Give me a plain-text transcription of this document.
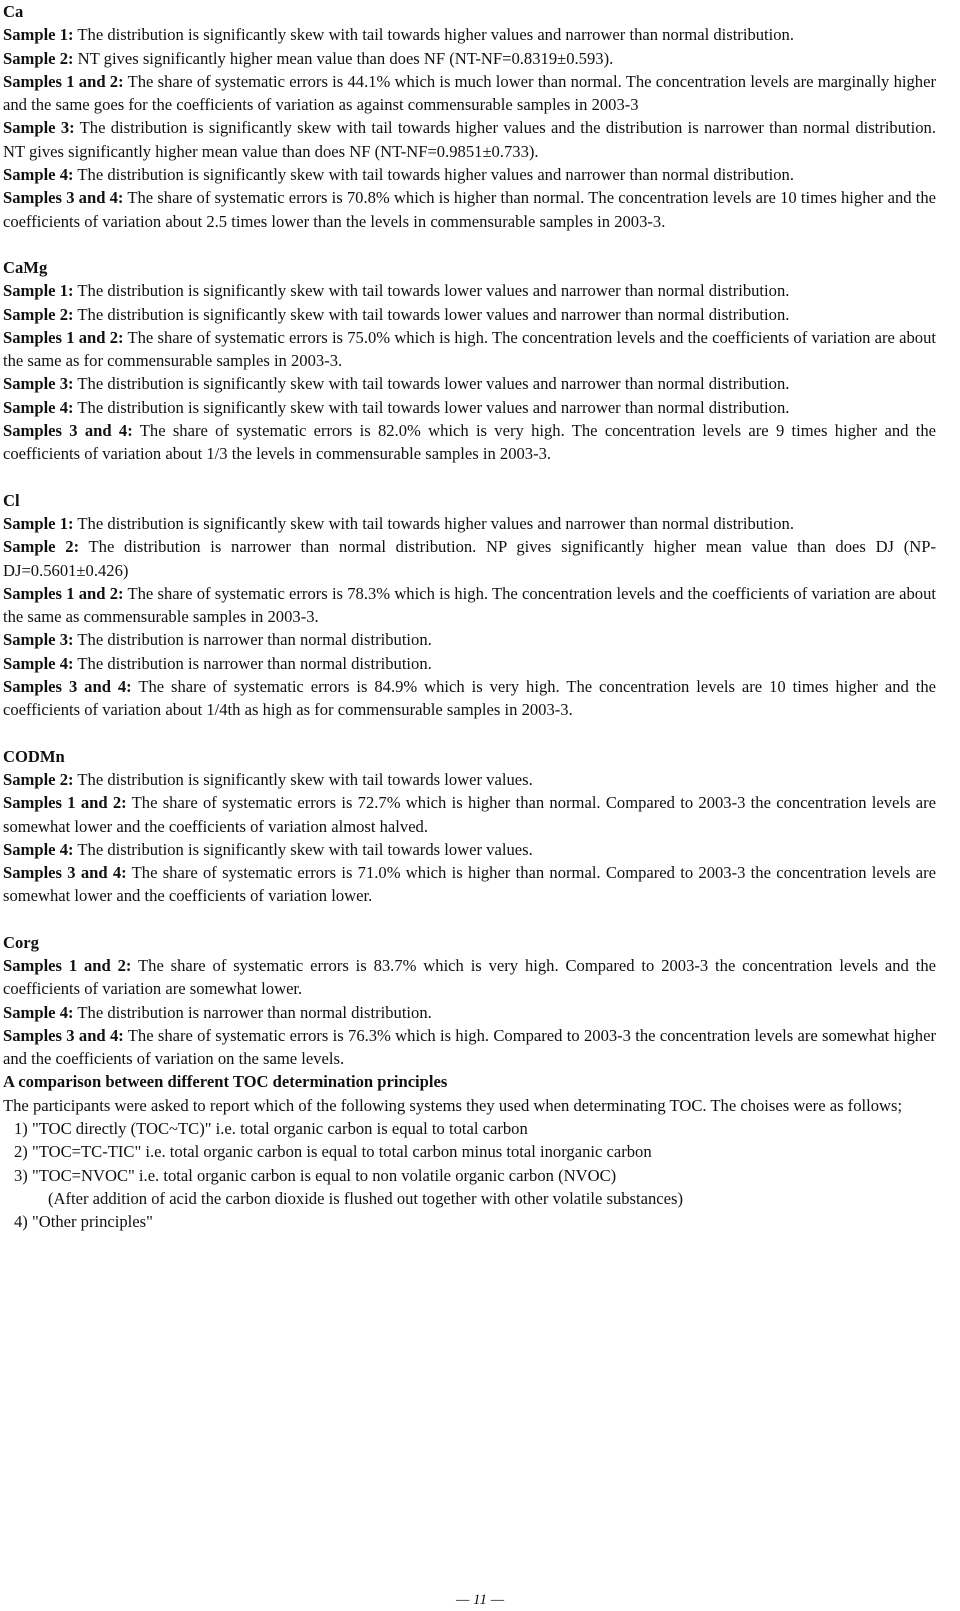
Ca

Sample 1: The distribution is significantly skew with tail towards higher values and narrower than normal distribution.

Sample 2: NT gives significantly higher mean value than does NF (NT-NF=0.8319±0.593).

Samples 1 and 2: The share of systematic errors is 44.1% which is much lower than normal. The concentration levels are marginally higher and the same goes for the coefficients of variation as against commensurable samples in 2003-3

Sample 3: The distribution is significantly skew with tail towards higher values and the distribution is narrower than normal distribution. NT gives significantly higher mean value than does NF (NT-NF=0.9851±0.733).

Sample 4: The distribution is significantly skew with tail towards higher values and narrower than normal distribution.

Samples 3 and 4: The share of systematic errors is 70.8% which is higher than normal. The concentration levels are 10 times higher and the coefficients of variation about 2.5 times lower than the levels in commensurable samples in 2003-3.

CaMg

Sample 1: The distribution is significantly skew with tail towards lower values and narrower than normal distribution.

Sample 2: The distribution is significantly skew with tail towards lower values and narrower than normal distribution.

Samples 1 and 2: The share of systematic errors is 75.0% which is high. The concentration levels and the coefficients of variation are about the same as for commensurable samples in 2003-3.

Sample 3: The distribution is significantly skew with tail towards lower values and narrower than normal distribution.

Sample 4: The distribution is significantly skew with tail towards lower values and narrower than normal distribution.

Samples 3 and 4: The share of systematic errors is 82.0% which is very high. The concentration levels are 9 times higher and the coefficients of variation about 1/3 the levels in commensurable samples in 2003-3.

Cl

Sample 1: The distribution is significantly skew with tail towards higher values and narrower than normal distribution.

Sample 2: The distribution is narrower than normal distribution. NP gives significantly higher mean value than does DJ (NP-DJ=0.5601±0.426)

Samples 1 and 2: The share of systematic errors is 78.3% which is high. The concentration levels and the coefficients of variation are about the same as commensurable samples in 2003-3.

Sample 3: The distribution is narrower than normal distribution.

Sample 4: The distribution is narrower than normal distribution.

Samples 3 and 4: The share of systematic errors is 84.9% which is very high. The concentration levels are 10 times higher and the coefficients of variation about 1/4th as high as for commensurable samples in 2003-3.

CODMn

Sample 2: The distribution is significantly skew with tail towards lower values.

Samples 1 and 2: The share of systematic errors is 72.7% which is higher than normal. Compared to 2003-3 the concentration levels are somewhat lower and the coefficients of variation almost halved.

Sample 4: The distribution is significantly skew with tail towards lower values.

Samples 3 and 4: The share of systematic errors is 71.0% which is higher than normal. Compared to 2003-3 the concentration levels are somewhat lower and the coefficients of variation lower.

Corg

Samples 1 and 2: The share of systematic errors is 83.7% which is very high. Compared to 2003-3 the concentration levels and the coefficients of variation are somewhat lower.

Sample 4: The distribution is narrower than normal distribution.

Samples 3 and 4: The share of systematic errors is 76.3% which is high. Compared to 2003-3 the concentration levels are somewhat higher and the coefficients of variation on the same levels.

A comparison between different TOC determination principles

The participants were asked to report which of the following systems they used when determinating TOC. The choises were as follows;

1) "TOC directly (TOC~TC)" i.e. total organic carbon is equal to total carbon
2) "TOC=TC-TIC" i.e. total organic carbon is equal to total carbon minus total inorganic carbon
3) "TOC=NVOC" i.e. total organic carbon is equal to non volatile organic carbon (NVOC)
(After addition of acid the carbon dioxide is flushed out together with other volatile substances)
4) "Other principles"
— 11 —
